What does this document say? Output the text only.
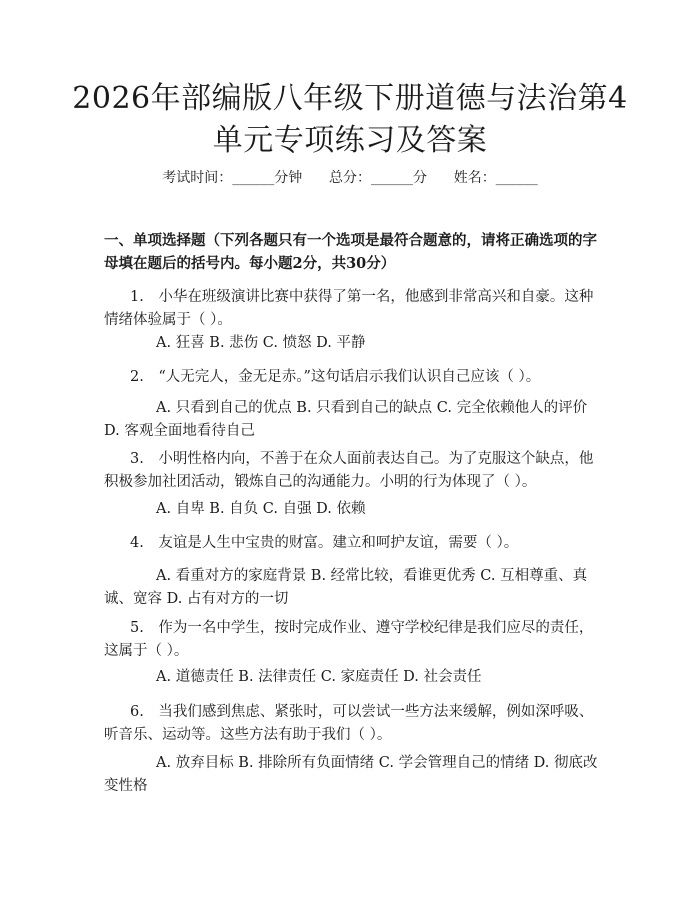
2026年部编版八年级下册道德与法治第4单元专项练习及答案
考试时间：______分钟      总分：______分      姓名：______

一、单项选择题（下列各题只有一个选项是最符合题意的，请将正确选项的字母填在题后的括号内。每小题2分，共30分）

1.　小华在班级演讲比赛中获得了第一名，他感到非常高兴和自豪。这种情绪体验属于（ ）。

A. 狂喜 B. 悲伤 C. 愤怒 D. 平静

2.　“人无完人，金无足赤。”这句话启示我们认识自己应该（ ）。

A. 只看到自己的优点 B. 只看到自己的缺点 C. 完全依赖他人的评价 D. 客观全面地看待自己

3.　小明性格内向，不善于在众人面前表达自己。为了克服这个缺点，他积极参加社团活动，锻炼自己的沟通能力。小明的行为体现了（ ）。

A. 自卑 B. 自负 C. 自强 D. 依赖

4.　友谊是人生中宝贵的财富。建立和呵护友谊，需要（ ）。

A. 看重对方的家庭背景 B. 经常比较，看谁更优秀 C. 互相尊重、真诚、宽容 D. 占有对方的一切

5.　作为一名中学生，按时完成作业、遵守学校纪律是我们应尽的责任，这属于（ ）。

A. 道德责任 B. 法律责任 C. 家庭责任 D. 社会责任

6.　当我们感到焦虑、紧张时，可以尝试一些方法来缓解，例如深呼吸、听音乐、运动等。这些方法有助于我们（ ）。

A. 放弃目标 B. 排除所有负面情绪 C. 学会管理自己的情绪 D. 彻底改变性格
